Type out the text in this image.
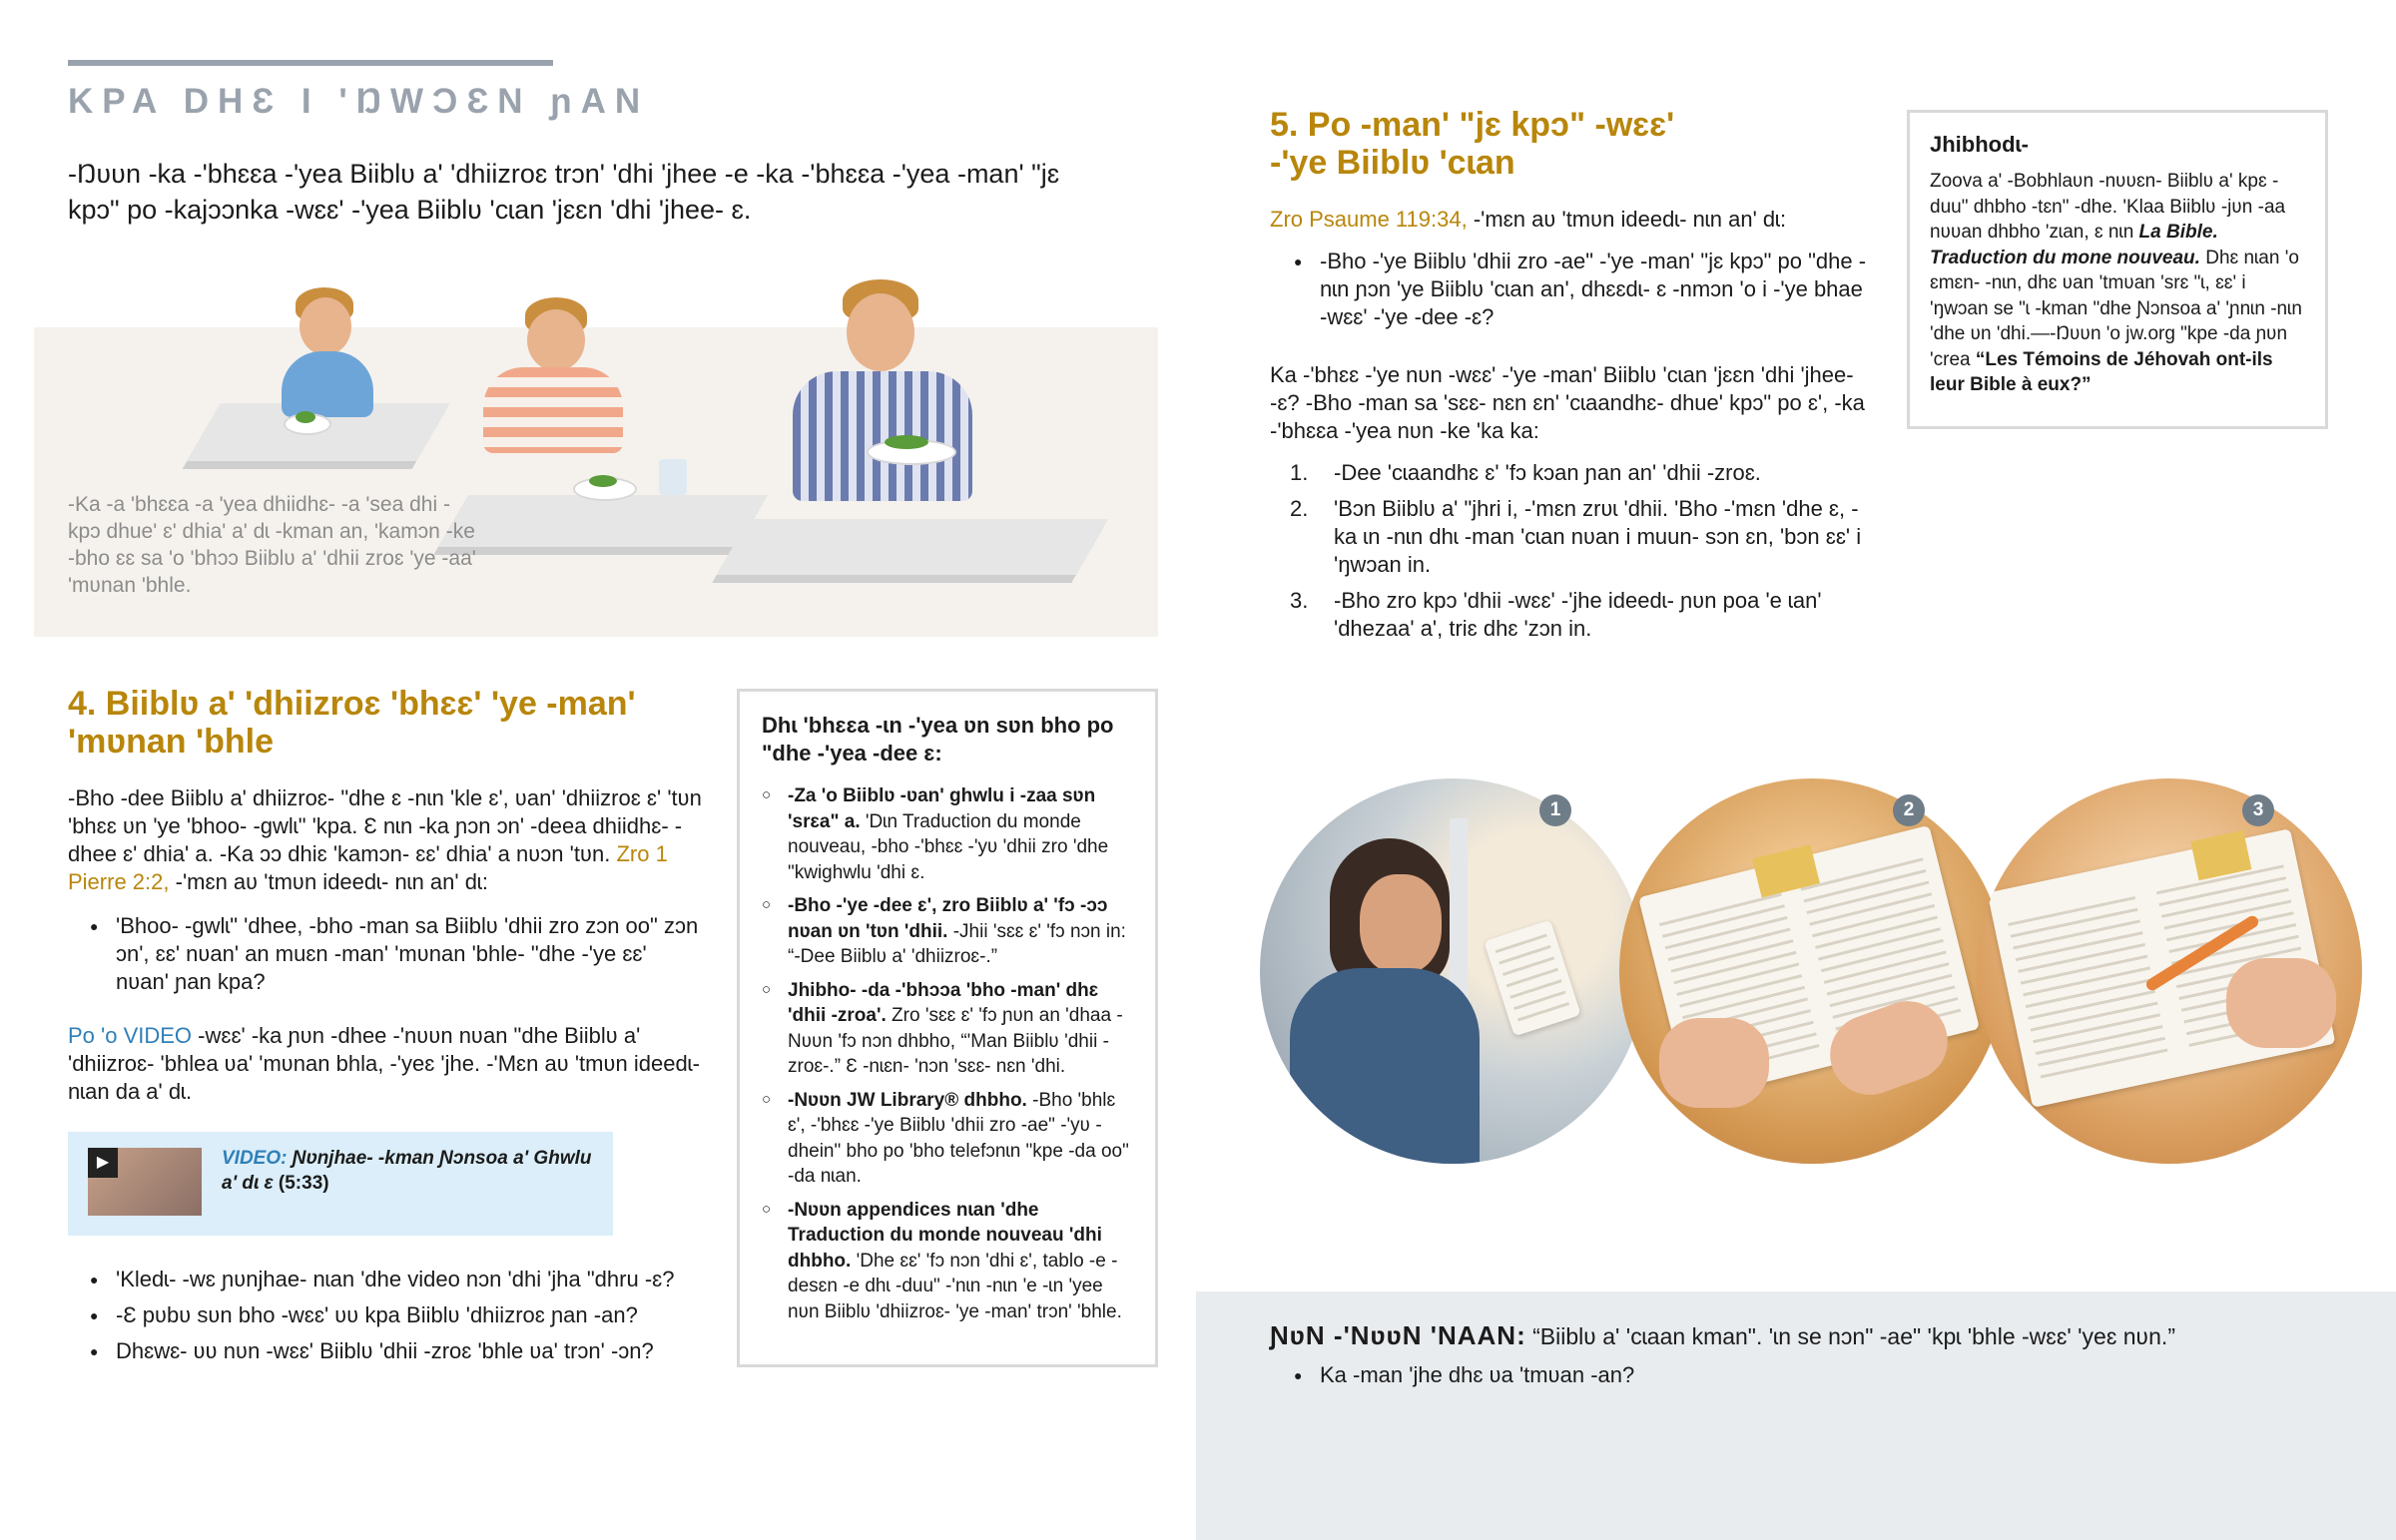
KPA DHƐ I 'ŊWƆƐN ɲAN
-Ŋʋʋn -ka -'bhɛɛa -'yea Biiblʋ a' 'dhiizroɛ trɔn' 'dhi 'jhee -e -ka -'bhɛɛa -'yea -man' "jɛ kpɔ" po -kajɔɔnka -wɛɛ' -'yea Biiblʋ 'cɩan 'jɛɛn 'dhi 'jhee- ɛ.
-Ka -a 'bhɛɛa -a 'yea dhiidhɛ- -a 'sea dhi -kpɔ dhue' ɛ' dhia' a' dɩ -kman an, 'kamɔn -ke -bho ɛɛ sa 'o 'bhɔɔ Biiblʋ a' 'dhii zroɛ 'ye -aa' 'mʋnan 'bhle.
4. Biiblʋ a' 'dhiizroɛ 'bhɛɛ' 'ye -man' 'mʋnan 'bhle
-Bho -dee Biiblʋ a' dhiizroɛ- "dhe ɛ -nɩn 'kle ɛ', ʋan' 'dhiizroɛ ɛ' 'tʋn 'bhɛɛ ʋn 'ye 'bhoo- -gwlɩ" 'kpa. Ɛ nɩn -ka ɲɔn ɔn' -deea dhiidhɛ- -dhee ɛ' dhia' a. -Ka ɔɔ dhiɛ 'kamɔn- ɛɛ' dhia' a nʋɔn 'tʋn. Zro 1 Pierre 2:2, -'mɛn aʋ 'tmʋn ideedɩ- nɩn an' dɩ:
● 'Bhoo- -gwlɩ" 'dhee, -bho -man sa Biiblʋ 'dhii zro zɔn oo" zɔn ɔn', ɛɛ' nʋan' an muɛn -man' 'mʋnan 'bhle- "dhe -'ye ɛɛ' nʋan' ɲan kpa?
Po 'o VIDEO -wɛɛ' -ka ɲʋn -dhee -'nʋʋn nʋan "dhe Biiblʋ a' 'dhiizroɛ- 'bhlea ʋa' 'mʋnan bhla, -'yeɛ 'jhe. -'Mɛn aʋ 'tmʋn ideedɩ- nɩan da a' dɩ.
▶	VIDEO: Ɲʋnjhae- -kman Ɲɔnsoa a' Ghwlu a' dɩ ɛ (5:33)
● 'Kledɩ- -wɛ ɲʋnjhae- nɩan 'dhe video nɔn 'dhi 'jha "dhru -ɛ?
● -Ɛ pʋbʋ sʋn bho -wɛɛ' ʋʋ kpa Biiblʋ 'dhiizroɛ ɲan -an?
● Dhɛwɛ- ʋʋ nʋn -wɛɛ' Biiblʋ 'dhii -zroɛ 'bhle ʋa' trɔn' -ɔn?
Dhɩ 'bhɛɛa -ɩn -'yea ʋn sʋn bho po "dhe -'yea -dee ɛ:
○ -Za 'o Biiblʋ -ʋan' ghwlu i -zaa sʋn 'srɛa" a. 'Dɩn Traduction du monde nouveau, -bho -'bhɛɛ -'yʋ 'dhii zro 'dhe "kwighwlu 'dhi ɛ.
○ -Bho -'ye -dee ɛ', zro Biiblʋ a' 'fɔ -ɔɔ nʋan ʋn 'tʋn 'dhii. -Jhii 'sɛɛ ɛ' 'fɔ nɔn in: “-Dee Biiblʋ a' 'dhiizroɛ-.”
○ Jhibho- -da -'bhɔɔa 'bho -man' dhɛ 'dhii -zroa'. Zro 'sɛɛ ɛ' 'fɔ ɲʋn an 'dhaa -Nʋʋn 'fɔ nɔn dhbho, “'Man Biiblʋ 'dhii -zroɛ-.” Ɛ -nɩɛn- 'nɔn 'sɛɛ- nɛn 'dhi.
○ -Nʋʋn JW Library® dhbho. -Bho 'bhlɛ ɛ', -'bhɛɛ -'ye Biiblʋ 'dhii zro -ae" -'yʋ -dhein" bho po 'bho telefɔnɩn "kpe -da oo" -da nɩan.
○ -Nʋʋn appendices nɩan 'dhe Traduction du monde nouveau 'dhi dhbho. 'Dhe ɛɛ' 'fɔ nɔn 'dhi ɛ', tablo -e -desɛn -e dhɩ -duu" -'nɩn -nɩn 'e -ɩn 'yee nʋn Biiblʋ 'dhiizroɛ- 'ye -man' trɔn' 'bhle.
5. Po -man' "jɛ kpɔ" -wɛɛ' -'ye Biiblʋ 'cɩan
Zro Psaume 119:34, -'mɛn aʋ 'tmʋn ideedɩ- nɩn an' dɩ:
● -Bho -'ye Biiblʋ 'dhii zro -ae" -'ye -man' "jɛ kpɔ" po "dhe -nɩn ɲɔn 'ye Biiblʋ 'cɩan an', dhɛɛdɩ- ɛ -nmɔn 'o i -'ye bhae -wɛɛ' -'ye -dee -ɛ?
Ka -'bhɛɛ -'ye nʋn -wɛɛ' -'ye -man' Biiblʋ 'cɩan 'jɛɛn 'dhi 'jhee- -ɛ? -Bho -man sa 'sɛɛ- nɛn ɛn' 'cɩaandhɛ- dhue' kpɔ" po ɛ', -ka -'bhɛɛa -'yea nʋn -ke 'ka ka:
1. -Dee 'cɩaandhɛ ɛ' 'fɔ kɔan ɲan an' 'dhii -zroɛ.
2. 'Bɔn Biiblʋ a' "jhri i, -'mɛn zrʋɩ 'dhii. 'Bho -'mɛn 'dhe ɛ, -ka ɩn -nɩn dhɩ -man 'cɩan nʋan i muun- sɔn ɛn, 'bɔn ɛɛ' i 'ŋwɔan in.
3. -Bho zro kpɔ 'dhii -wɛɛ' -'jhe ideedɩ- ɲʋn poa 'e ɩan' 'dhezaa' a', triɛ dhɛ 'zɔn in.
Jhibhodɩ-
Zoova a' -Bobhlaʋn -nʋʋɛn- Biiblʋ a' kpɛ -duu" dhbho -tɛn" -dhe. 'Klaa Biiblʋ -jʋn -aa nʋʋan dhbho 'zɩan, ɛ nɩn La Bible. Traduction du mone nouveau. Dhɛ nɩan 'o ɛmɛn- -nɩn, dhɛ ʋan 'tmʋan 'srɛ "ɩ, ɛɛ' i 'ŋwɔan se "ɩ -kman "dhe Ɲɔnsoa a' 'ɲnɩn -nɩn 'dhe ʋn 'dhi.—-Ŋʋʋn 'o jw.org "kpe -da ɲʋn 'crea “Les Témoins de Jéhovah ont-ils leur Bible à eux?”
1	2	3
ƝʋN -'NʋʋN 'NAAN: “Biiblʋ a' 'cɩaan kman". 'ɩn se nɔn" -ae" 'kpɩ 'bhle -wɛɛ' 'yeɛ nʋn.”
● Ka -man 'jhe dhɛ ʋa 'tmʋan -an?
